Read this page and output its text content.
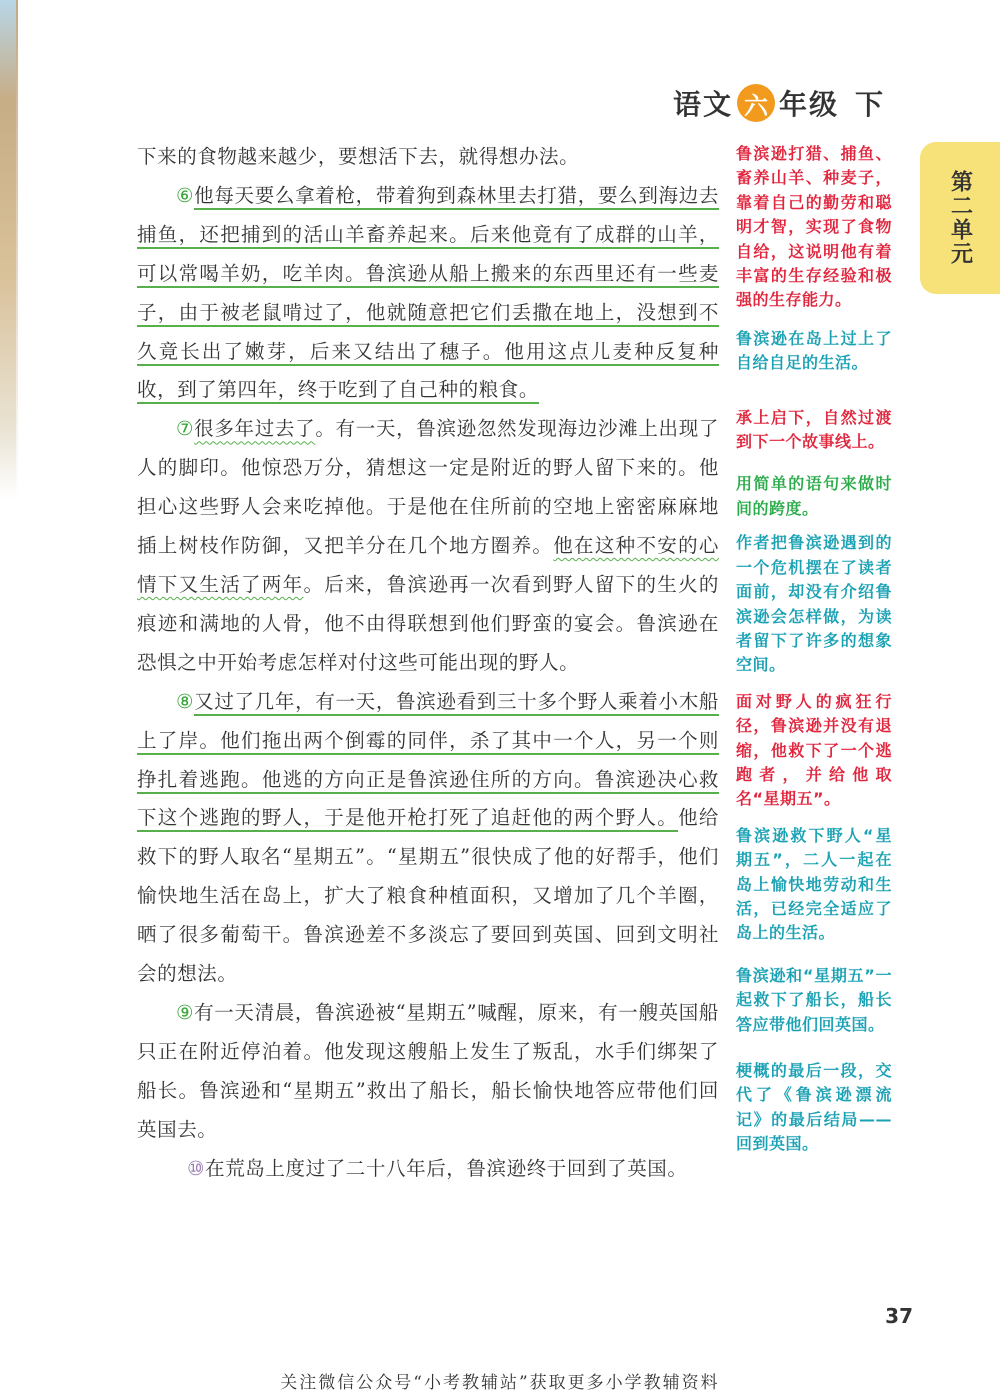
语文 六 年级 下
第二单元

下来的食物越来越少，要想活下去，就得想办法。

⑥他每天要么拿着枪，带着狗到森林里去打猎，要么到海边去捕鱼，还把捕到的活山羊畜养起来。后来他竟有了成群的山羊，可以常喝羊奶，吃羊肉。鲁滨逊从船上搬来的东西里还有一些麦子，由于被老鼠啃过了，他就随意把它们丢撒在地上，没想到不久竟长出了嫩芽，后来又结出了穗子。他用这点儿麦种反复种收，到了第四年，终于吃到了自己种的粮食。

⑦很多年过去了。有一天，鲁滨逊忽然发现海边沙滩上出现了人的脚印。他惊恐万分，猜想这一定是附近的野人留下来的。他担心这些野人会来吃掉他。于是他在住所前的空地上密密麻麻地插上树枝作防御，又把羊分在几个地方圈养。他在这种不安的心情下又生活了两年。后来，鲁滨逊再一次看到野人留下的生火的痕迹和满地的人骨，他不由得联想到他们野蛮的宴会。鲁滨逊在恐惧之中开始考虑怎样对付这些可能出现的野人。

⑧又过了几年，有一天，鲁滨逊看到三十多个野人乘着小木船上了岸。他们拖出两个倒霉的同伴，杀了其中一个人，另一个则挣扎着逃跑。他逃的方向正是鲁滨逊住所的方向。鲁滨逊决心救下这个逃跑的野人，于是他开枪打死了追赶他的两个野人。他给救下的野人取名“星期五”。“星期五”很快成了他的好帮手，他们愉快地生活在岛上，扩大了粮食种植面积，又增加了几个羊圈，晒了很多葡萄干。鲁滨逊差不多淡忘了要回到英国、回到文明社会的想法。

⑨有一天清晨，鲁滨逊被“星期五”喊醒，原来，有一艘英国船只正在附近停泊着。他发现这艘船上发生了叛乱，水手们绑架了船长。鲁滨逊和“星期五”救出了船长，船长愉快地答应带他们回英国去。

⑩在荒岛上度过了二十八年后，鲁滨逊终于回到了英国。

鲁滨逊打猎、捕鱼、畜养山羊、种麦子，靠着自己的勤劳和聪明才智，实现了食物自给，这说明他有着丰富的生存经验和极强的生存能力。

鲁滨逊在岛上过上了自给自足的生活。

承上启下，自然过渡到下一个故事线上。

用简单的语句来做时间的跨度。

作者把鲁滨逊遇到的一个危机摆在了读者面前，却没有介绍鲁滨逊会怎样做，为读者留下了许多的想象空间。

面对野人的疯狂行径，鲁滨逊并没有退缩，他救下了一个逃跑者，并给他取名“星期五”。

鲁滨逊救下野人“星期五”，二人一起在岛上愉快地劳动和生活，已经完全适应了岛上的生活。

鲁滨逊和“星期五”一起救下了船长，船长答应带他们回英国。

梗概的最后一段，交代了《鲁滨逊漂流记》的最后结局——回到英国。

37
关注微信公众号“小考教辅站”获取更多小学教辅资料
